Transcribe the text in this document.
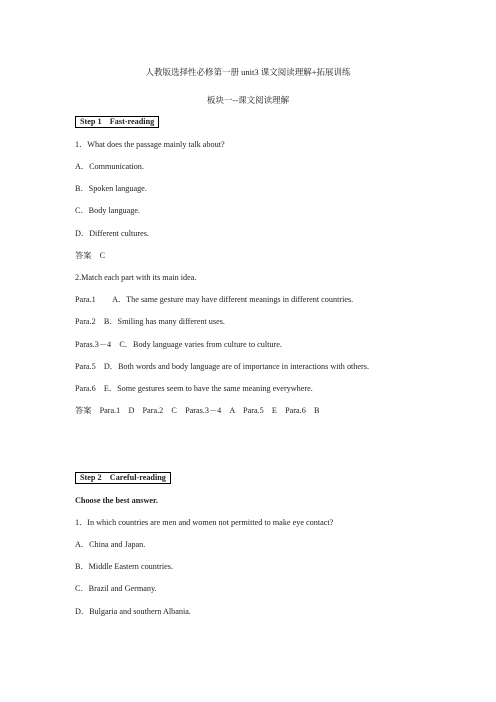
人教版选择性必修第一册 unit3 课文阅读理解+拓展训练
板块一--课文阅读理解
Step 1　Fast-reading
1．What does the passage mainly talk about?
A．Communication.
B．Spoken language.
C．Body language.
D．Different cultures.
答案　C
2.Match each part with its main idea.
Para.1　　A．The same gesture may have different meanings in different countries.
Para.2　B．Smiling has many different uses.
Paras.3－4　C．Body language varies from culture to culture.
Para.5　D．Both words and body language are of importance in interactions with others.
Para.6　E．Some gestures seem to have the same meaning everywhere.
答案　Para.1　D　Para.2　C　Paras.3－4　A　Para.5　E　Para.6　B
Step 2　Careful-reading
Choose the best answer.
1．In which countries are men and women not permitted to make eye contact?
A．China and Japan.
B．Middle Eastern countries.
C．Brazil and Germany.
D．Bulgaria and southern Albania.
